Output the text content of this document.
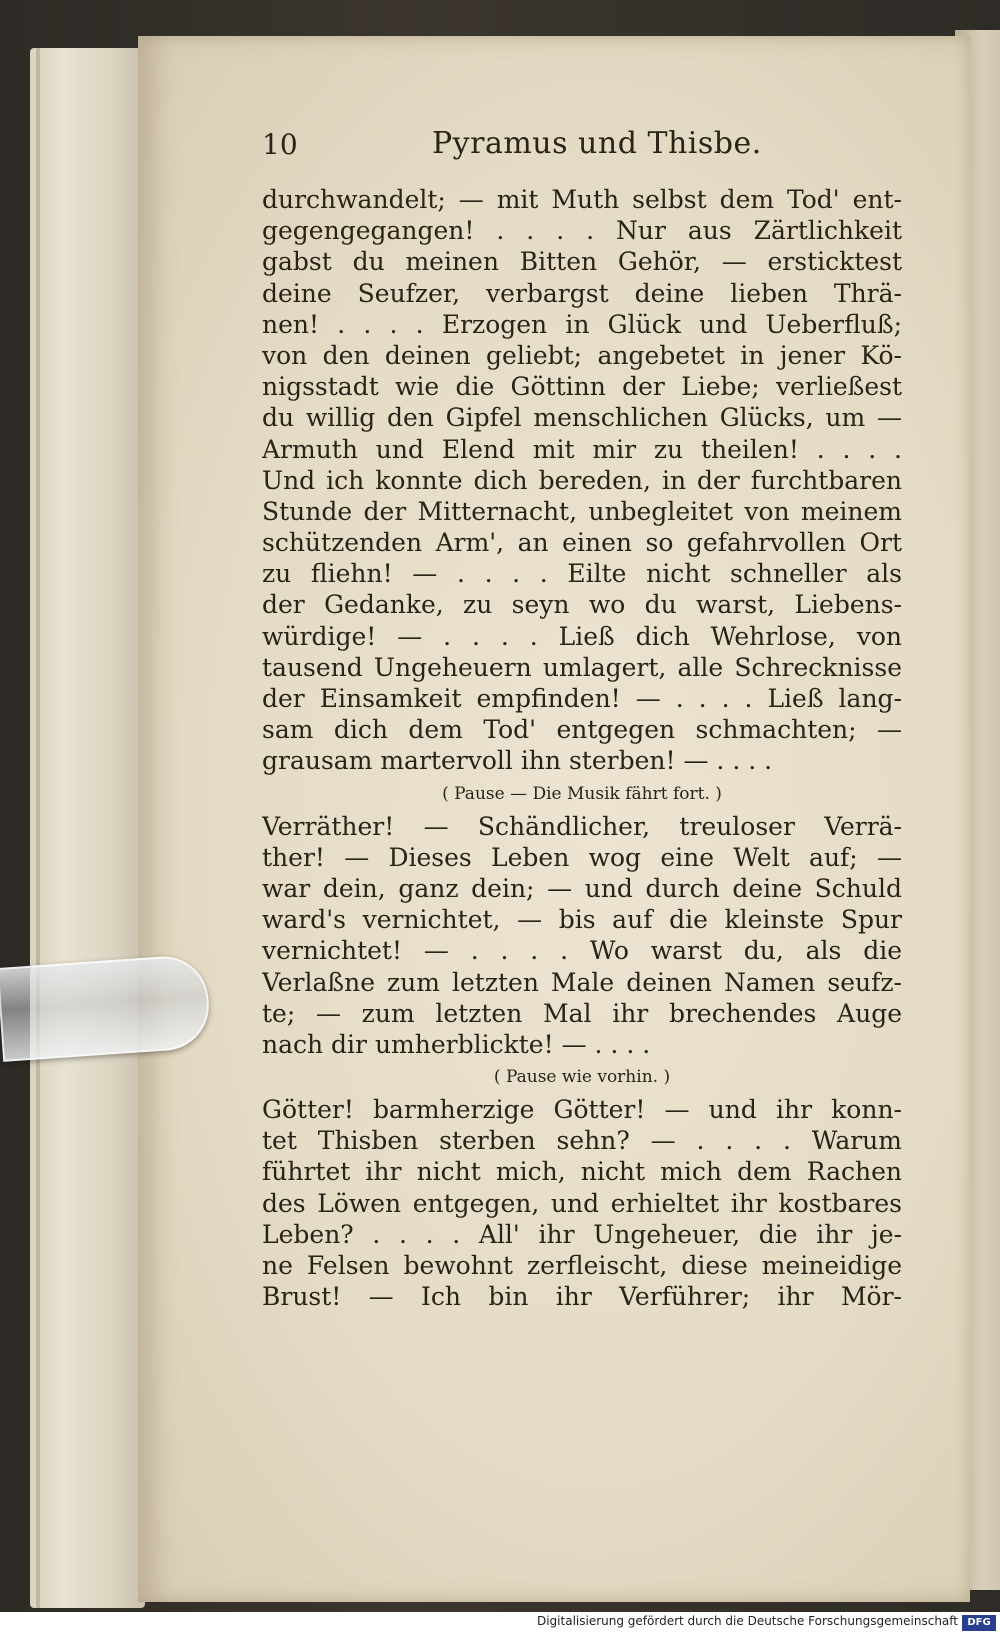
10	Pyramus und Thisbe.
durchwandelt; — mit Muth selbst dem Tod' ent-
gegengegangen! . . . . Nur aus Zärtlichkeit
gabst du meinen Bitten Gehör, — ersticktest
deine Seufzer, verbargst deine lieben Thrä-
nen! . . . . Erzogen in Glück und Ueberfluß;
von den deinen geliebt; angebetet in jener Kö-
nigsstadt wie die Göttinn der Liebe; verließest
du willig den Gipfel menschlichen Glücks, um —
Armuth und Elend mit mir zu theilen! . . . .
Und ich konnte dich bereden, in der furchtbaren
Stunde der Mitternacht, unbegleitet von meinem
schützenden Arm', an einen so gefahrvollen Ort
zu fliehn! — . . . . Eilte nicht schneller als
der Gedanke, zu seyn wo du warst, Liebens-
würdige! — . . . . Ließ dich Wehrlose, von
tausend Ungeheuern umlagert, alle Schrecknisse
der Einsamkeit empfinden! — . . . . Ließ lang-
sam dich dem Tod' entgegen schmachten; —
grausam martervoll ihn sterben! — . . . .
( Pause — Die Musik fährt fort. )
Verräther! — Schändlicher, treuloser Verrä-
ther! — Dieses Leben wog eine Welt auf; —
war dein, ganz dein; — und durch deine Schuld
ward's vernichtet, — bis auf die kleinste Spur
vernichtet! — . . . . Wo warst du, als die
Verlaßne zum letzten Male deinen Namen seufz-
te; — zum letzten Mal ihr brechendes Auge
nach dir umherblickte! — . . . .
( Pause wie vorhin. )
Götter! barmherzige Götter! — und ihr konn-
tet Thisben sterben sehn? — . . . . Warum
führtet ihr nicht mich, nicht mich dem Rachen
des Löwen entgegen, und erhieltet ihr kostbares
Leben? . . . . All' ihr Ungeheuer, die ihr je-
ne Felsen bewohnt zerfleischt, diese meineidige
Brust! — Ich bin ihr Verführer; ihr Mör-
Digitalisierung gefördert durch die Deutsche Forschungsgemeinschaft DFG
